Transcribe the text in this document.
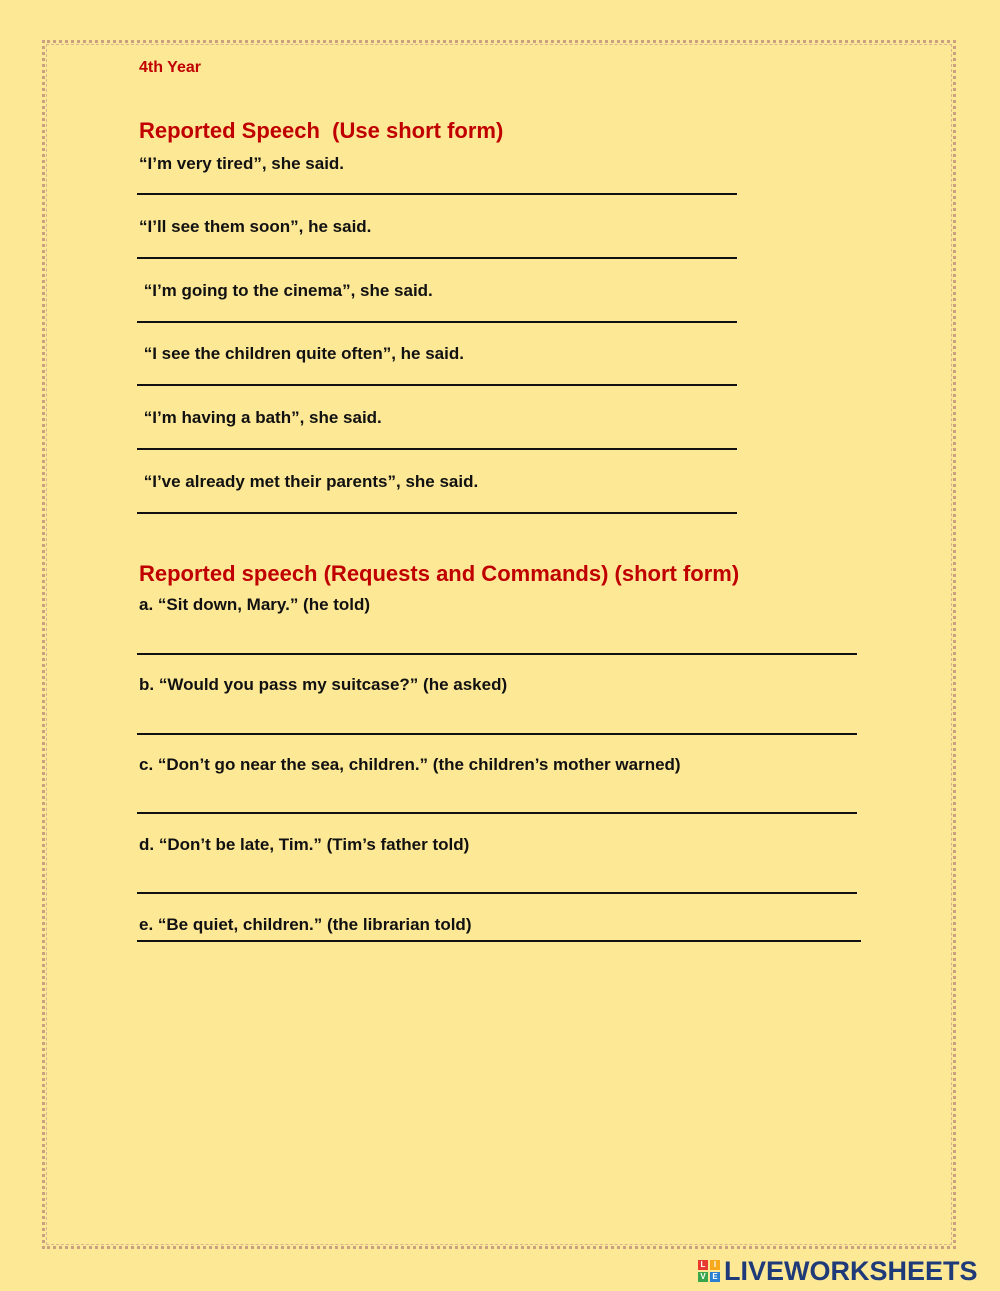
4th Year
Reported Speech  (Use short form)
“I’m very tired”, she said.
“I’ll see them soon”, he said.
“I’m going to the cinema”, she said.
“I see the children quite often”, he said.
“I’m having a bath”, she said.
“I’ve already met their parents”, she said.
Reported speech (Requests and Commands) (short form)
a. “Sit down, Mary.” (he told)
b. “Would you pass my suitcase?” (he asked)
c. “Don’t go near the sea, children.” (the children’s mother warned)
d. “Don’t be late, Tim.” (Tim’s father told)
e. “Be quiet, children.” (the librarian told)
L	I
V E LIVEWORKSHEETS
